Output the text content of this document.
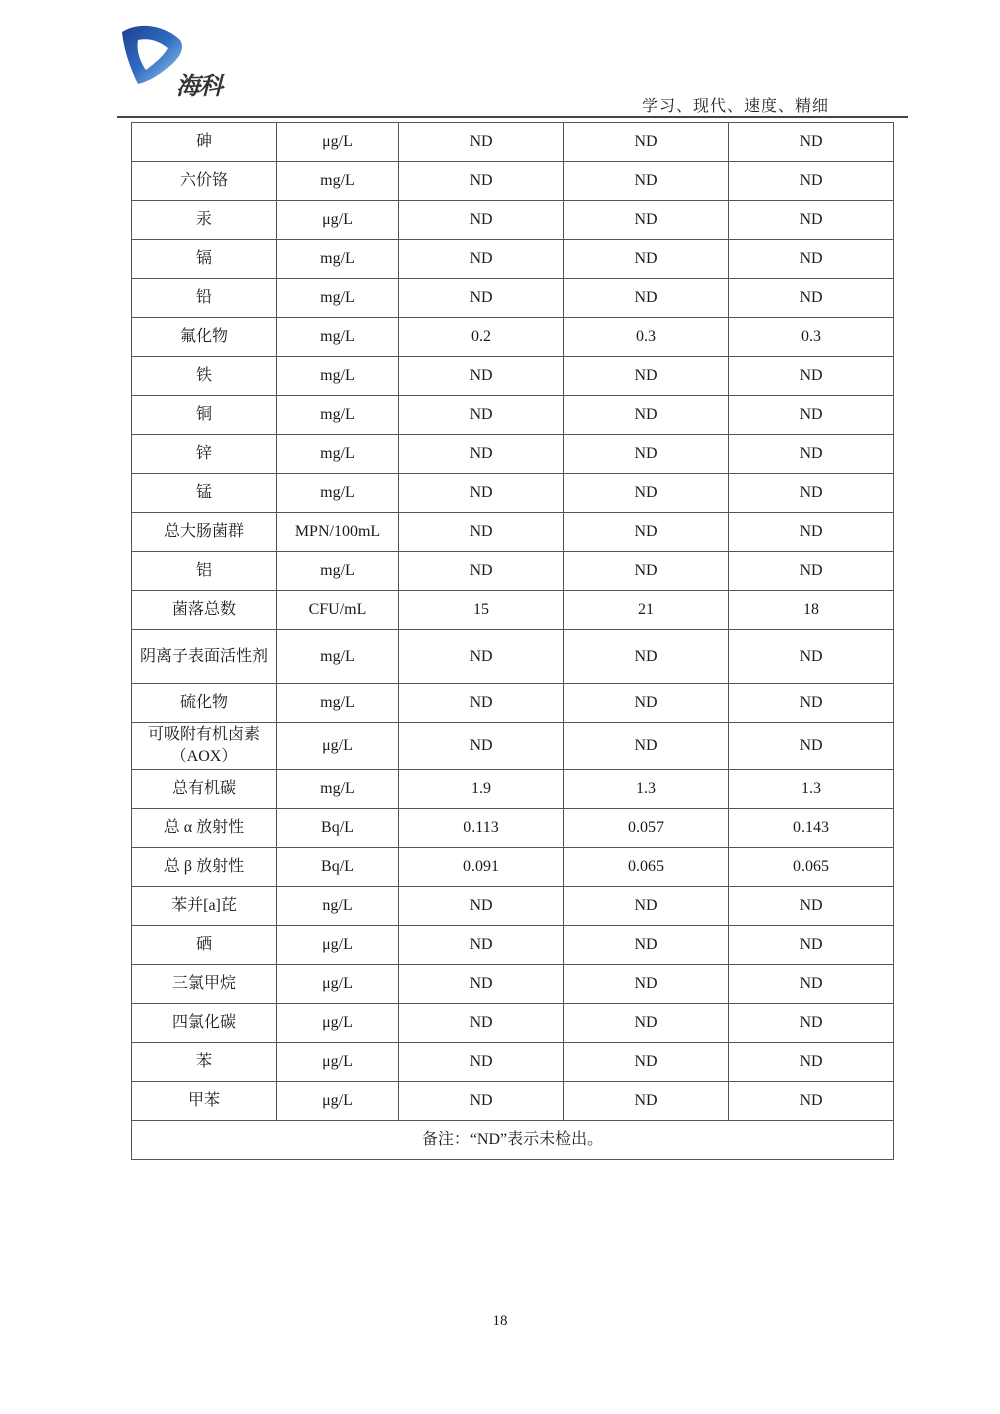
海科
学习、现代、速度、精细
砷	μg/L	ND	ND	ND
六价铬	mg/L	ND	ND	ND
汞	μg/L	ND	ND	ND
镉	mg/L	ND	ND	ND
铅	mg/L	ND	ND	ND
氟化物	mg/L	0.2	0.3	0.3
铁	mg/L	ND	ND	ND
铜	mg/L	ND	ND	ND
锌	mg/L	ND	ND	ND
锰	mg/L	ND	ND	ND
总大肠菌群	MPN/100mL	ND	ND	ND
铝	mg/L	ND	ND	ND
菌落总数	CFU/mL	15	21	18
阴离子表面活性剂	mg/L	ND	ND	ND
硫化物	mg/L	ND	ND	ND
可吸附有机卤素（AOX）	μg/L	ND	ND	ND
总有机碳	mg/L	1.9	1.3	1.3
总 α 放射性	Bq/L	0.113	0.057	0.143
总 β 放射性	Bq/L	0.091	0.065	0.065
苯并[a]芘	ng/L	ND	ND	ND
硒	μg/L	ND	ND	ND
三氯甲烷	μg/L	ND	ND	ND
四氯化碳	μg/L	ND	ND	ND
苯	μg/L	ND	ND	ND
甲苯	μg/L	ND	ND	ND
备注：“ND”表示未检出。				
18
